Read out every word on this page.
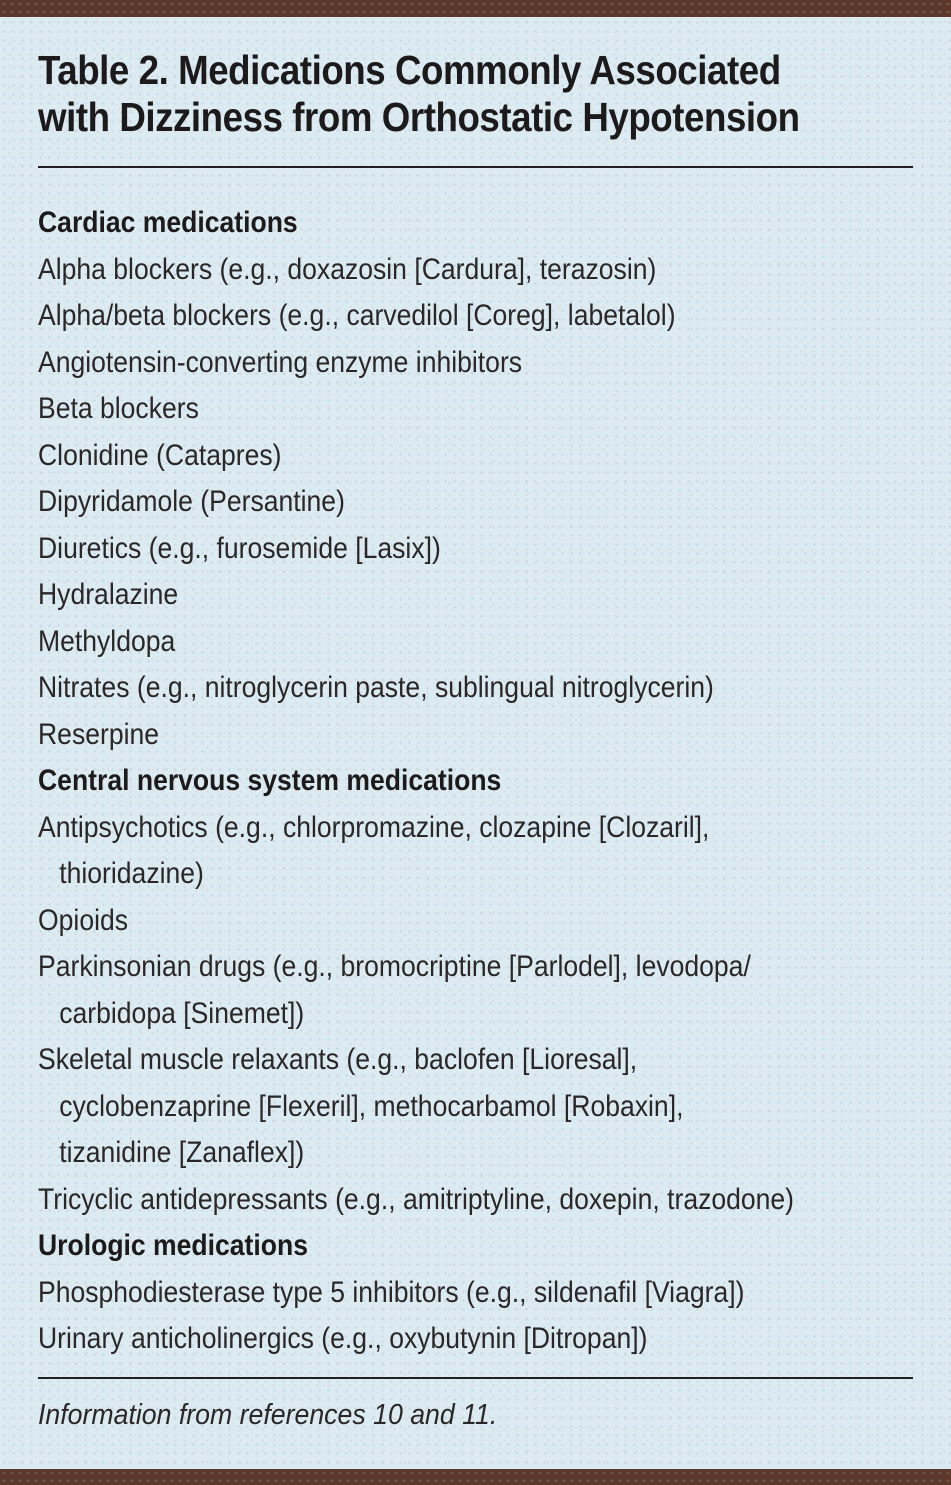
Table 2. Medications Commonly Associated
with Dizziness from Orthostatic Hypotension
Cardiac medications
Alpha blockers (e.g., doxazosin [Cardura], terazosin)
Alpha/beta blockers (e.g., carvedilol [Coreg], labetalol)
Angiotensin-converting enzyme inhibitors
Beta blockers
Clonidine (Catapres)
Dipyridamole (Persantine)
Diuretics (e.g., furosemide [Lasix])
Hydralazine
Methyldopa
Nitrates (e.g., nitroglycerin paste, sublingual nitroglycerin)
Reserpine
Central nervous system medications
Antipsychotics (e.g., chlorpromazine, clozapine [Clozaril],
thioridazine)
Opioids
Parkinsonian drugs (e.g., bromocriptine [Parlodel], levodopa/
carbidopa [Sinemet])
Skeletal muscle relaxants (e.g., baclofen [Lioresal],
cyclobenzaprine [Flexeril], methocarbamol [Robaxin],
tizanidine [Zanaflex])
Tricyclic antidepressants (e.g., amitriptyline, doxepin, trazodone)
Urologic medications
Phosphodiesterase type 5 inhibitors (e.g., sildenafil [Viagra])
Urinary anticholinergics (e.g., oxybutynin [Ditropan])
Information from references 10 and 11.
